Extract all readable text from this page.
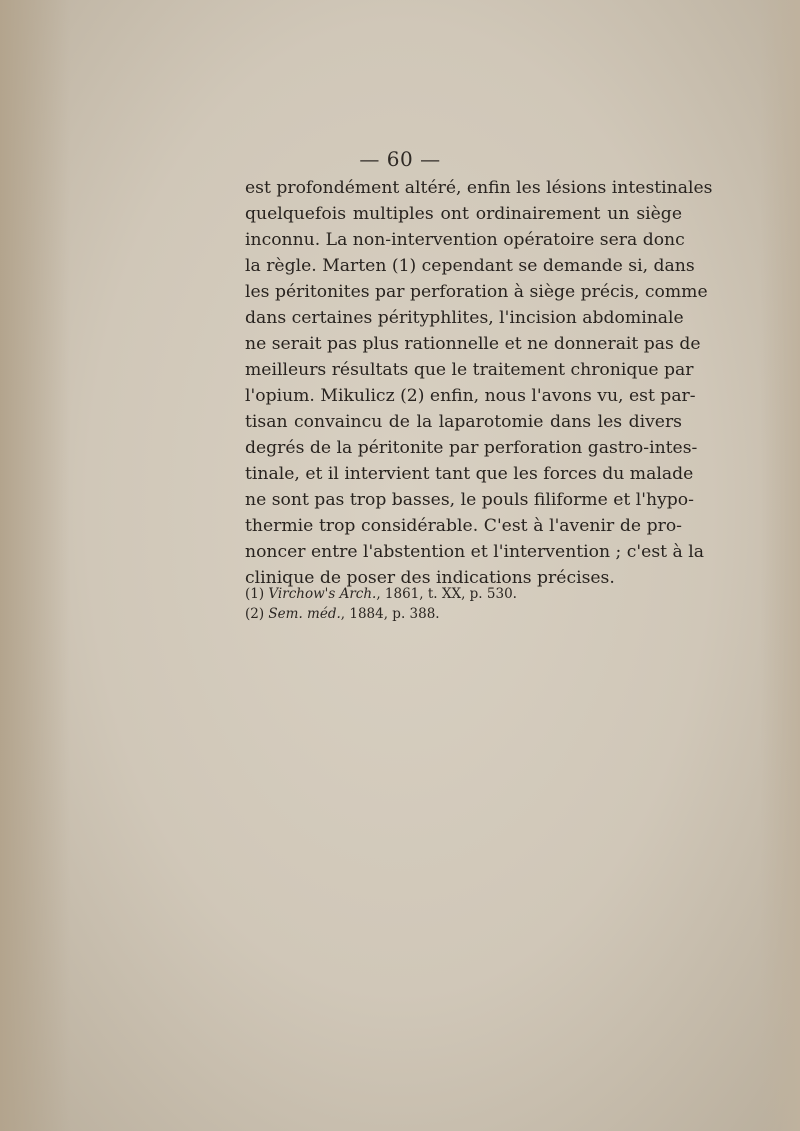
— 60 —
est profondément altéré, enfin les lésions intestinales
quelquefois multiples ont ordinairement un siège
inconnu. La non-intervention opératoire sera donc
la règle. Marten (1) cependant se demande si, dans
les péritonites par perforation à siège précis, comme
dans certaines pérityphlites, l'incision abdominale
ne serait pas plus rationnelle et ne donnerait pas de
meilleurs résultats que le traitement chronique par
l'opium. Mikulicz (2) enfin, nous l'avons vu, est par-
tisan convaincu de la laparotomie dans les divers
degrés de la péritonite par perforation gastro-intes-
tinale, et il intervient tant que les forces du malade
ne sont pas trop basses, le pouls filiforme et l'hypo-
thermie trop considérable. C'est à l'avenir de pro-
noncer entre l'abstention et l'intervention ; c'est à la
clinique de poser des indications précises.
(1) Virchow's Arch., 1861, t. XX, p. 530.
(2) Sem. méd., 1884, p. 388.
